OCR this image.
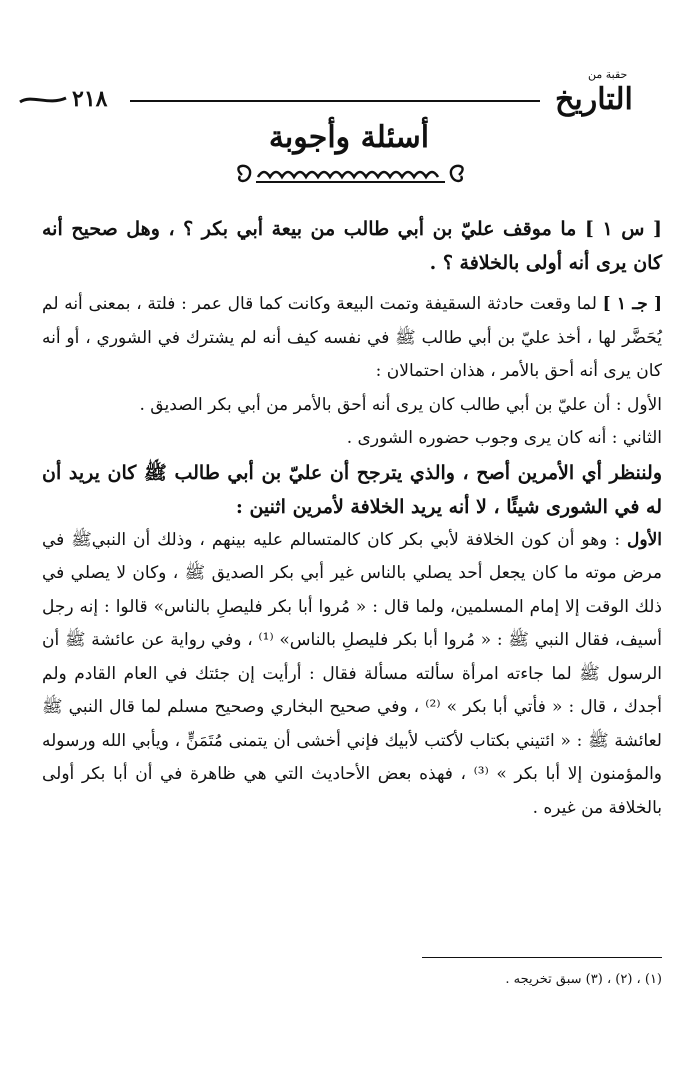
٢١٨
حقبة من
التاريخ
أسئلة وأجوبة

[ س ١ ] ما موقف عليّ بن أبي طالب من بيعة أبي بكر ؟ ، وهل صحيح أنه كان يرى أنه أولى بالخلافة ؟ .

[ جـ ١ ] لما وقعت حادثة السقيفة وتمت البيعة وكانت كما قال عمر : فلتة ، بمعنى أنه لم يُحَضَّر لها ، أخذ عليّ بن أبي طالب ﷺ في نفسه كيف أنه لم يشترك في الشوري ، أو أنه كان يرى أنه أحق بالأمر ، هذان احتمالان :

الأول : أن عليّ بن أبي طالب كان يرى أنه أحق بالأمر من أبي بكر الصديق .

الثاني : أنه كان يرى وجوب حضوره الشورى .

ولننظر أي الأمرين أصح ، والذي يترجح أن عليّ بن أبي طالب ﷺ كان يريد أن له في الشورى شيئًا ، لا أنه يريد الخلافة لأمرين اثنين :

الأول : وهو أن كون الخلافة لأبي بكر كان كالمتسالم عليه بينهم ، وذلك أن النبيﷺ في مرض موته ما كان يجعل أحد يصلي بالناس غير أبي بكر الصديق ﷺ ، وكان لا يصلي في ذلك الوقت إلا إمام المسلمين، ولما قال : « مُروا أبا بكر فليصلِ بالناس» قالوا : إنه رجل أسيف، فقال النبي ﷺ : « مُروا أبا بكر فليصلِ بالناس» ⁽¹⁾ ، وفي رواية عن عائشة ﷺ أن الرسول ﷺ لما جاءته امرأة سألته مسألة فقال : أرأيت إن جئتك في العام القادم ولم أجدك ، قال : « فأتي أبا بكر » ⁽²⁾ ، وفي صحيح البخاري وصحيح مسلم لما قال النبي ﷺ لعائشة ﷺ : « ائتيني بكتاب لأكتب لأبيك فإني أخشى أن يتمنى مُتَمَنٍّ ، ويأبي الله ورسوله والمؤمنون إلا أبا بكر » ⁽³⁾ ، فهذه بعض الأحاديث التي هي ظاهرة في أن أبا بكر أولى بالخلافة من غيره .

(١) ، (٢) ، (٣) سبق تخريجه .
